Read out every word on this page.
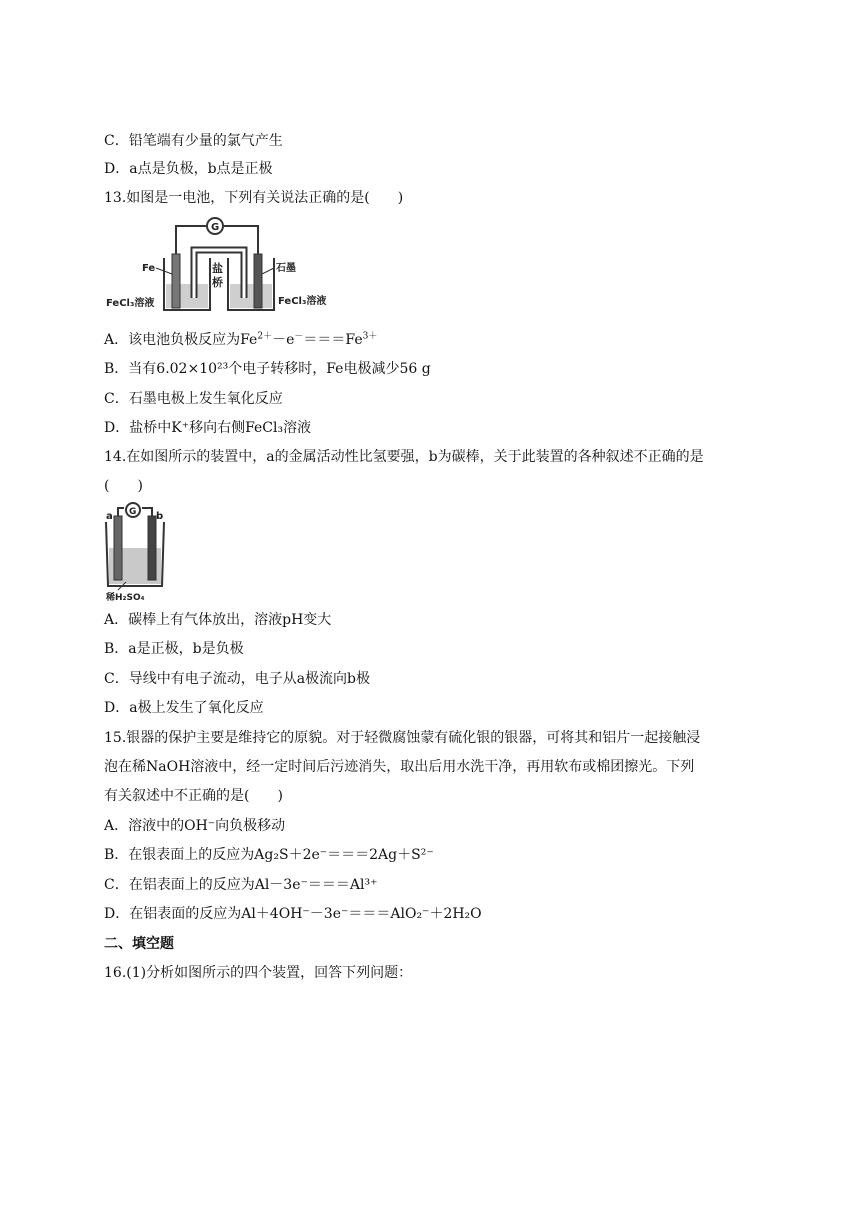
C．铅笔端有少量的氯气产生
D．a点是负极，b点是正极
13.如图是一电池，下列有关说法正确的是(　　)
G
盐
桥
Fe	石墨
FeCl₃溶液	FeCl₃溶液
A．该电池负极反应为$Fe^{2+}-e^-===Fe^{3+}$
B．当有6.02×10²³个电子转移时，Fe电极减少56 g
C．石墨电极上发生氧化反应
D．盐桥中K⁺移向右侧FeCl₃溶液
14.在如图所示的装置中，a的金属活动性比氢要强，b为碳棒，关于此装置的各种叙述不正确的是
(　　)
G
a	b
稀H₂SO₄
A．碳棒上有气体放出，溶液pH变大
B．a是正极，b是负极
C．导线中有电子流动，电子从a极流向b极
D．a极上发生了氧化反应
15.银器的保护主要是维持它的原貌。对于轻微腐蚀蒙有硫化银的银器，可将其和铝片一起接触浸
泡在稀NaOH溶液中，经一定时间后污迹消失，取出后用水洗干净，再用软布或棉团擦光。下列
有关叙述中不正确的是(　　)
A．溶液中的OH⁻向负极移动
B．在银表面上的反应为Ag₂S＋2e⁻＝＝＝2Ag＋S²⁻
C．在铝表面上的反应为Al－3e⁻＝＝＝Al³⁺
D．在铝表面的反应为Al＋4OH⁻－3e⁻＝＝＝AlO₂⁻＋2H₂O
二、填空题
16.(1)分析如图所示的四个装置，回答下列问题：
